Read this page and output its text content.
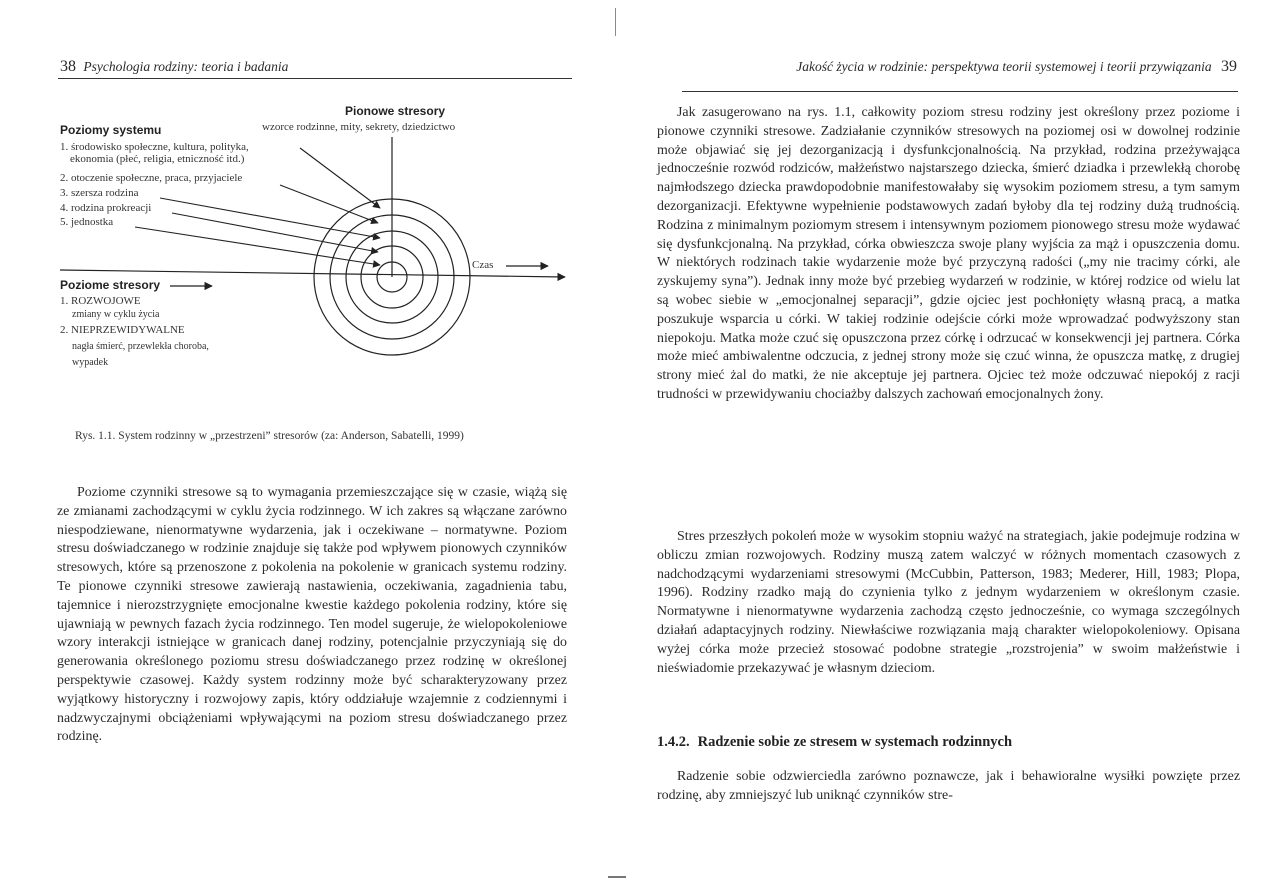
38 Psychologia rodziny: teoria i badania
Pionowe stresory
wzorce rodzinne, mity, sekrety, dziedzictwo
Poziomy systemu
1. środowisko społeczne, kultura, polityka,
ekonomia (płeć, religia, etniczność itd.)
2. otoczenie społeczne, praca, przyjaciele
3. szersza rodzina
4. rodzina prokreacji
5. jednostka
Czas
Poziome stresory
1. ROZWOJOWE
zmiany w cyklu życia
2. NIEPRZEWIDYWALNE
nagła śmierć, przewlekła choroba,
wypadek
Rys. 1.1. System rodzinny w „przestrzeni” stresorów (za: Anderson, Sabatelli, 1999)

Poziome czynniki stresowe są to wymagania przemieszczające się w czasie, wiążą się ze zmianami zachodzącymi w cyklu życia rodzinnego. W ich zakres są włączane zarówno niespodziewane, nienormatywne wydarzenia, jak i oczekiwane – normatywne. Poziom stresu doświadczanego w rodzinie znajduje się także pod wpływem pionowych czynników stresowych, które są przenoszone z pokolenia na pokolenie w granicach systemu rodziny. Te pionowe czynniki stresowe zawierają nastawienia, oczekiwania, zagadnienia tabu, tajemnice i nierozstrzygnięte emocjonalne kwestie każdego pokolenia rodziny, które się ujawniają w pewnych fazach życia rodzinnego. Ten model sugeruje, że wielopokoleniowe wzory interakcji istniejące w granicach danej rodziny, potencjalnie przyczyniają się do generowania określonego poziomu stresu doświadczanego przez rodzinę w określonej perspektywie czasowej. Każdy system rodzinny może być scharakteryzowany przez wyjątkowy historyczny i rozwojowy zapis, który oddziałuje wzajemnie z codziennymi i nadzwyczajnymi obciążeniami wpływającymi na poziom stresu doświadczanego przez rodzinę.

Jakość życia w rodzinie: perspektywa teorii systemowej i teorii przywiązania 39

Jak zasugerowano na rys. 1.1, całkowity poziom stresu rodziny jest określony przez poziome i pionowe czynniki stresowe. Zadziałanie czynników stresowych na poziomej osi w dowolnej rodzinie może objawiać się jej dezorganizacją i dysfunkcjonalnością. Na przykład, rodzina przeżywająca jednocześnie rozwód rodziców, małżeństwo najstarszego dziecka, śmierć dziadka i przewlekłą chorobę najmłodszego dziecka prawdopodobnie manifestowałaby się wysokim poziomem stresu, a tym samym dezorganizacji. Efektywne wypełnienie podstawowych zadań byłoby dla tej rodziny dużą trudnością. Rodzina z minimalnym poziomym stresem i intensywnym poziomem pionowego stresu może wydawać się dysfunkcjonalną. Na przykład, córka obwieszcza swoje plany wyjścia za mąż i opuszczenia domu. W niektórych rodzinach takie wydarzenie może być przyczyną radości („my nie tracimy córki, ale zyskujemy syna”). Jednak inny może być przebieg wydarzeń w rodzinie, w której rodzice od wielu lat są wobec siebie w „emocjonalnej separacji”, gdzie ojciec jest pochłonięty własną pracą, a matka poszukuje wsparcia u córki. W takiej rodzinie odejście córki może wprowadzać podwyższony stan niepokoju. Matka może czuć się opuszczona przez córkę i odrzucać w konsekwencji jej partnera. Córka może mieć ambiwalentne odczucia, z jednej strony może się czuć winna, że opuszcza matkę, z drugiej strony mieć żal do matki, że nie akceptuje jej partnera. Ojciec też może odczuwać niepokój z racji trudności w przewidywaniu chociażby dalszych zachowań emocjonalnych żony.

Stres przeszłych pokoleń może w wysokim stopniu ważyć na strategiach, jakie podejmuje rodzina w obliczu zmian rozwojowych. Rodziny muszą zatem walczyć w różnych momentach czasowych z nadchodzącymi wydarzeniami stresowymi (McCubbin, Patterson, 1983; Mederer, Hill, 1983; Plopa, 1996). Rodziny rzadko mają do czynienia tylko z jednym wydarzeniem w określonym czasie. Normatywne i nienormatywne wydarzenia zachodzą często jednocześnie, co wymaga szczególnych działań adaptacyjnych rodziny. Niewłaściwe rozwiązania mają charakter wielopokoleniowy. Opisana wyżej córka może przecież stosować podobne strategie „rozstrojenia” w swoim małżeństwie i nieświadomie przekazywać je własnym dzieciom.

1.4.2. Radzenie sobie ze stresem w systemach rodzinnych

Radzenie sobie odzwierciedla zarówno poznawcze, jak i behawioralne wysiłki powzięte przez rodzinę, aby zmniejszyć lub uniknąć czynników stre-
